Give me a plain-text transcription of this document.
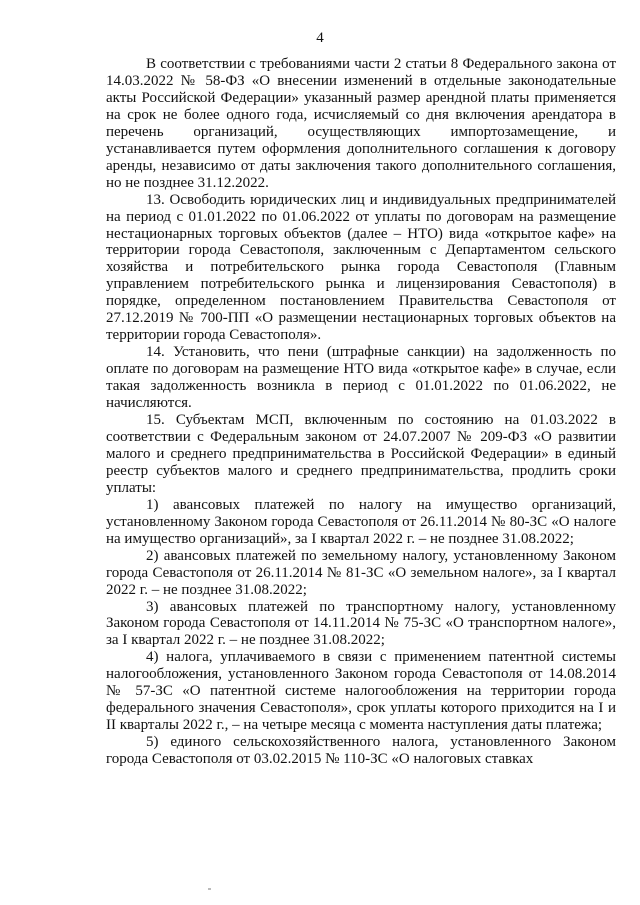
4

В соответствии с требованиями части 2 статьи 8 Федерального закона от 14.03.2022 № 58-ФЗ «О внесении изменений в отдельные законодательные акты Российской Федерации» указанный размер арендной платы применяется на срок не более одного года, исчисляемый со дня включения арендатора в перечень организаций, осуществляющих импортозамещение, и устанавливается путем оформления дополнительного соглашения к договору аренды, независимо от даты заключения такого дополнительного соглашения, но не позднее 31.12.2022.

13. Освободить юридических лиц и индивидуальных предпринимателей на период с 01.01.2022 по 01.06.2022 от уплаты по договорам на размещение нестационарных торговых объектов (далее – НТО) вида «открытое кафе» на территории города Севастополя, заключенным с Департаментом сельского хозяйства и потребительского рынка города Севастополя (Главным управлением потребительского рынка и лицензирования Севастополя) в порядке, определенном постановлением Правительства Севастополя от 27.12.2019 № 700-ПП «О размещении нестационарных торговых объектов на территории города Севастополя».

14. Установить, что пени (штрафные санкции) на задолженность по оплате по договорам на размещение НТО вида «открытое кафе» в случае, если такая задолженность возникла в период с 01.01.2022 по 01.06.2022, не начисляются.

15. Субъектам МСП, включенным по состоянию на 01.03.2022 в соответствии с Федеральным законом от 24.07.2007 № 209-ФЗ «О развитии малого и среднего предпринимательства в Российской Федерации» в единый реестр субъектов малого и среднего предпринимательства, продлить сроки уплаты:

1) авансовых платежей по налогу на имущество организаций, установленному Законом города Севастополя от 26.11.2014 № 80-ЗС «О налоге на имущество организаций», за I квартал 2022 г. – не позднее 31.08.2022;

2) авансовых платежей по земельному налогу, установленному Законом города Севастополя от 26.11.2014 № 81-ЗС «О земельном налоге», за I квартал 2022 г. – не позднее 31.08.2022;

3) авансовых платежей по транспортному налогу, установленному Законом города Севастополя от 14.11.2014 № 75-ЗС «О транспортном налоге», за I квартал 2022 г. – не позднее 31.08.2022;

4) налога, уплачиваемого в связи с применением патентной системы налогообложения, установленного Законом города Севастополя от 14.08.2014 № 57-ЗС «О патентной системе налогообложения на территории города федерального значения Севастополя», срок уплаты которого приходится на I и II кварталы 2022 г., – на четыре месяца с момента наступления даты платежа;

5) единого сельскохозяйственного налога, установленного Законом города Севастополя от 03.02.2015 № 110-ЗС «О налоговых ставках
